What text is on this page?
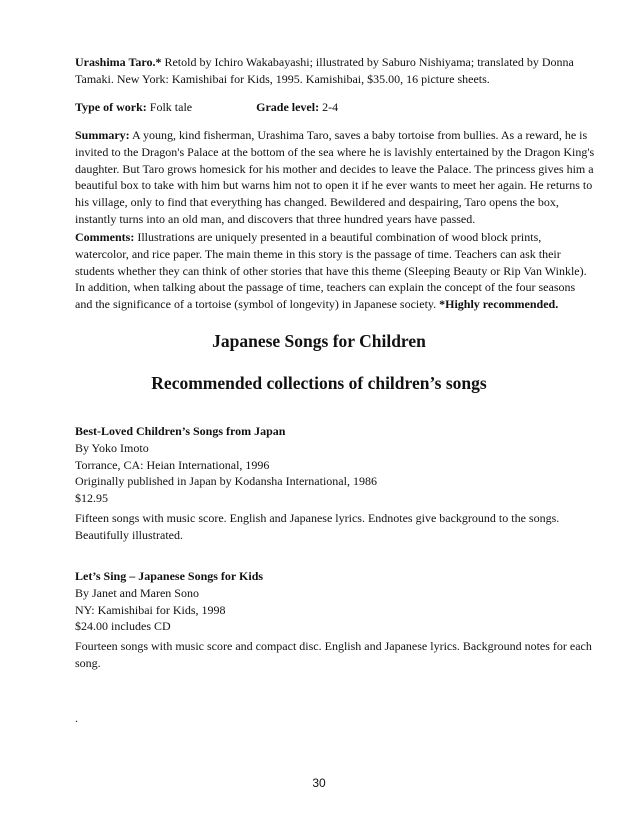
Urashima Taro.* Retold by Ichiro Wakabayashi; illustrated by Saburo Nishiyama; translated by Donna Tamaki. New York: Kamishibai for Kids, 1995. Kamishibai, $35.00, 16 picture sheets.

Type of work: Folk tale	Grade level: 2-4

Summary: A young, kind fisherman, Urashima Taro, saves a baby tortoise from bullies. As a reward, he is invited to the Dragon's Palace at the bottom of the sea where he is lavishly entertained by the Dragon King's daughter. But Taro grows homesick for his mother and decides to leave the Palace. The princess gives him a beautiful box to take with him but warns him not to open it if he ever wants to meet her again. He returns to his village, only to find that everything has changed. Bewildered and despairing, Taro opens the box, instantly turns into an old man, and discovers that three hundred years have passed.

Comments: Illustrations are uniquely presented in a beautiful combination of wood block prints, watercolor, and rice paper. The main theme in this story is the passage of time. Teachers can ask their students whether they can think of other stories that have this theme (Sleeping Beauty or Rip Van Winkle). In addition, when talking about the passage of time, teachers can explain the concept of the four seasons and the significance of a tortoise (symbol of longevity) in Japanese society. *Highly recommended.

Japanese Songs for Children
Recommended collections of children’s songs
Best-Loved Children’s Songs from Japan
By Yoko Imoto
Torrance, CA: Heian International, 1996
Originally published in Japan by Kodansha International, 1986
$12.95

Fifteen songs with music score. English and Japanese lyrics. Endnotes give background to the songs. Beautifully illustrated.

Let’s Sing – Japanese Songs for Kids
By Janet and Maren Sono
NY: Kamishibai for Kids, 1998
$24.00 includes CD

Fourteen songs with music score and compact disc. English and Japanese lyrics. Background notes for each song.

.
30
